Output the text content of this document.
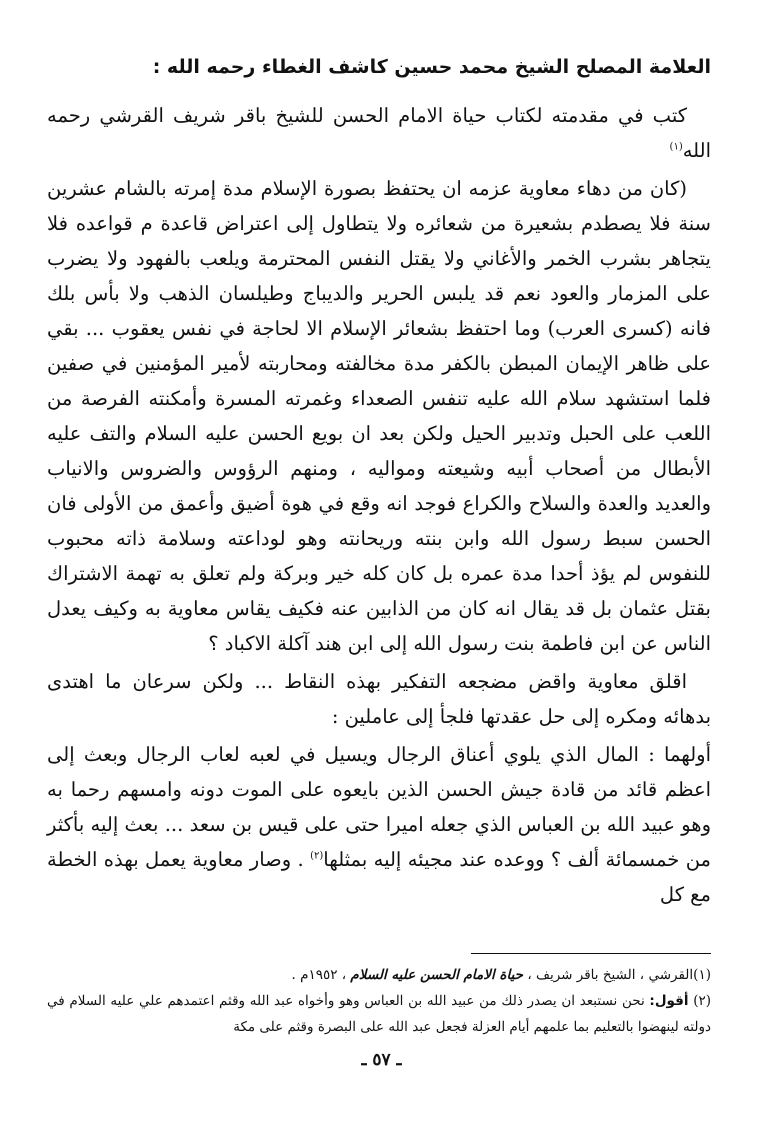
العلامة المصلح الشيخ محمد حسين كاشف الغطاء رحمه الله :

كتب في مقدمته لكتاب حياة الامام الحسن للشيخ باقر شريف القرشي رحمه الله$^{(١)}$

(كان من دهاء معاوية عزمه ان يحتفظ بصورة الإسلام مدة إمرته بالشام عشرين سنة فلا يصطدم بشعيرة من شعائره ولا يتطاول إلى اعتراض قاعدة م قواعده فلا يتجاهر بشرب الخمر والأغاني ولا يقتل النفس المحترمة ويلعب بالفهود ولا يضرب على المزمار والعود نعم قد يلبس الحرير والديباج وطيلسان الذهب ولا بأس بلك فانه (كسرى العرب) وما احتفظ بشعائر الإسلام الا لحاجة في نفس يعقوب ... بقي على ظاهر الإيمان المبطن بالكفر مدة مخالفته ومحاربته لأمير المؤمنين في صفين فلما استشهد سلام الله عليه تنفس الصعداء وغمرته المسرة وأمكنته الفرصة من اللعب على الحبل وتدبير الحيل ولكن بعد ان بويع الحسن عليه السلام والتف عليه الأبطال من أصحاب أبيه وشيعته ومواليه ، ومنهم الرؤوس والضروس والانياب والعديد والعدة والسلاح والكراع فوجد انه وقع في هوة أضيق وأعمق من الأولى فان الحسن سبط رسول الله وابن بنته وريحانته وهو لوداعته وسلامة ذاته محبوب للنفوس لم يؤذ أحدا مدة عمره بل كان كله خير وبركة ولم تعلق به تهمة الاشتراك بقتل عثمان بل قد يقال انه كان من الذابين عنه فكيف يقاس معاوية به وكيف يعدل الناس عن ابن فاطمة بنت رسول الله إلى ابن هند آكلة الاكباد ؟

اقلق معاوية واقض مضجعه التفكير بهذه النقاط ... ولكن سرعان ما اهتدى بدهائه ومكره إلى حل عقدتها فلجأ إلى عاملين :

أولهما : المال الذي يلوي أعناق الرجال ويسيل في لعبه لعاب الرجال وبعث إلى اعظم قائد من قادة جيش الحسن الذين بايعوه على الموت دونه وامسهم رحما به وهو عبيد الله بن العباس الذي جعله اميرا حتى على قيس بن سعد ... بعث إليه بأكثر من خمسمائة ألف ؟ ووعده عند مجيئه إليه بمثلها$^{(٢)}$ . وصار معاوية يعمل بهذه الخطة مع كل

(١)القرشي ، الشيخ باقر شريف ، حياة الامام الحسن عليه السلام ، ١٩٥٢م .

(٢) أقول: نحن نستبعد ان يصدر ذلك من عبيد الله بن العباس وهو وأخواه عبد الله وقثم اعتمدهم علي عليه السلام في دولته لينهضوا بالتعليم بما علمهم أيام العزلة فجعل عبد الله على البصرة وقثم على مكة

ـ ٥٧ ـ
